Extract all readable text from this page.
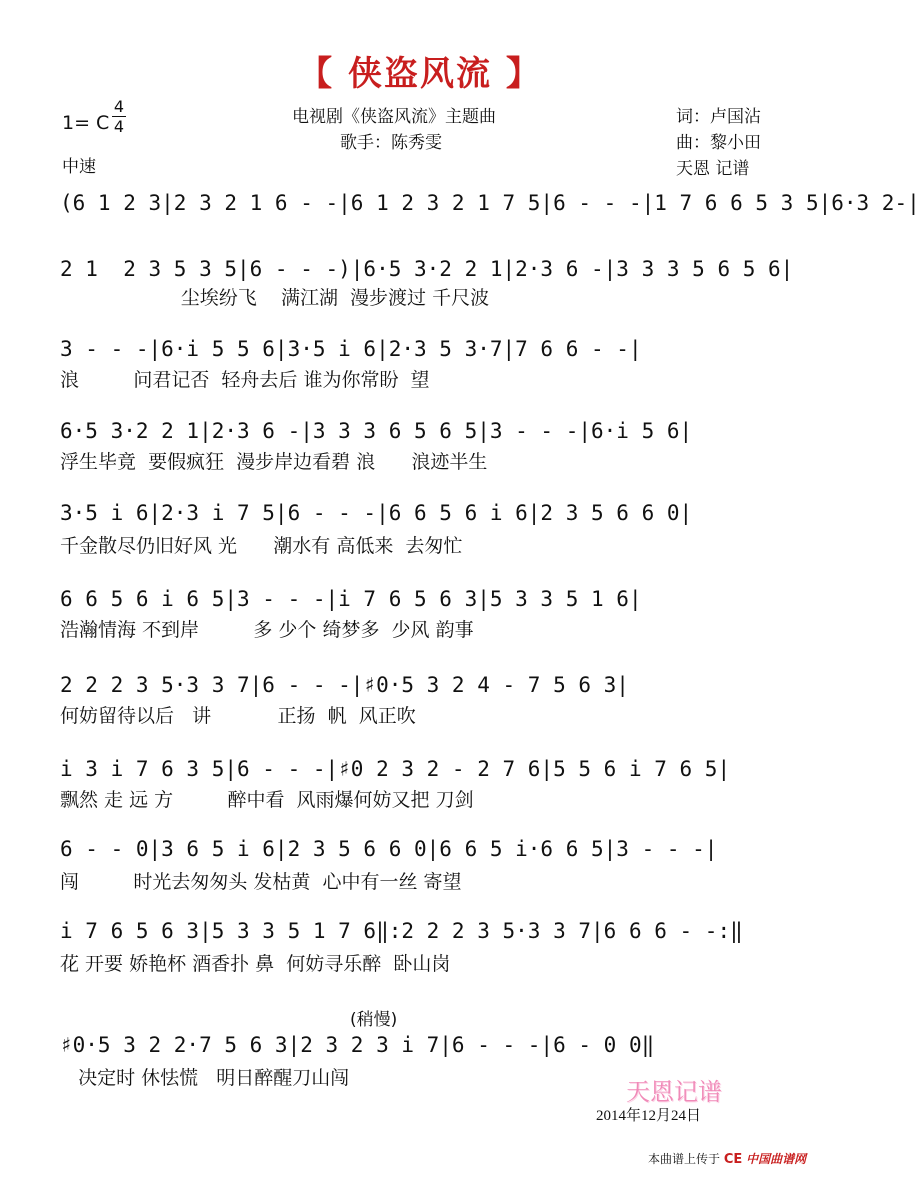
【 侠盗风流 】
电视剧《侠盗风流》主题曲
歌手：陈秀雯
词：卢国沾
曲：黎小田
天恩 记谱
1= C
4
4
中速
(6 1 2 3|2 3 2 1 6 - -|6 1 2 3 2 1 7 5|6 - - -|1 7 6 6 5 3 5|6·3 2-|
2 1  2 3 5 3 5|6 - - -)|6·5 3·2 2 1|2·3 6 -|3 3 3 5 6 5 6|
尘埃纷飞    满江湖  漫步渡过 千尺波
3 - - -|6·i 5 5 6|3·5 i 6|2·3 5 3·7|7 6 6 - -|
浪         问君记否  轻舟去后 谁为你常盼  望
6·5 3·2 2 1|2·3 6 -|3 3 3 6 5 6 5|3 - - -|6·i 5 6|
浮生毕竟  要假疯狂  漫步岸边看碧 浪      浪迹半生
3·5 i 6|2·3 i 7 5|6 - - -|6 6 5 6 i 6|2 3 5 6 6 0|
千金散尽仍旧好风 光      潮水有 高低来  去匆忙
6 6 5 6 i 6 5|3 - - -|i 7 6 5 6 3|5 3 3 5 1 6|
浩瀚情海 不到岸         多 少个 绮梦多  少风 韵事
2 2 2 3 5·3 3 7|6 - - -|♯0·5 3 2 4 - 7 5 6 3|
何妨留待以后   讲           正扬  帆  风正吹
i 3 i 7 6 3 5|6 - - -|♯0 2 3 2 - 2 7 6|5 5 6 i 7 6 5|
飘然 走 远 方         醉中看  风雨爆何妨又把 刀剑
6 - - 0|3 6 5 i 6|2 3 5 6 6 0|6 6 5 i·6 6 5|3 - - -|
闯         时光去匆匆头 发枯黄  心中有一丝 寄望
i 7 6 5 6 3|5 3 3 5 1 7 6‖:2 2 2 3 5·3 3 7|6 6 6 - -:‖
花 开要 娇艳杯 酒香扑 鼻  何妨寻乐醉  卧山岗
(稍慢)
♯0·5 3 2 2·7 5 6 3|2 3 2 3 i 7|6 - - -|6 - 0 0‖
决定时 休怯慌   明日醉醒刀山闯	天恩记谱
2014年12月24日
本曲谱上传于 CE 中国曲谱网
